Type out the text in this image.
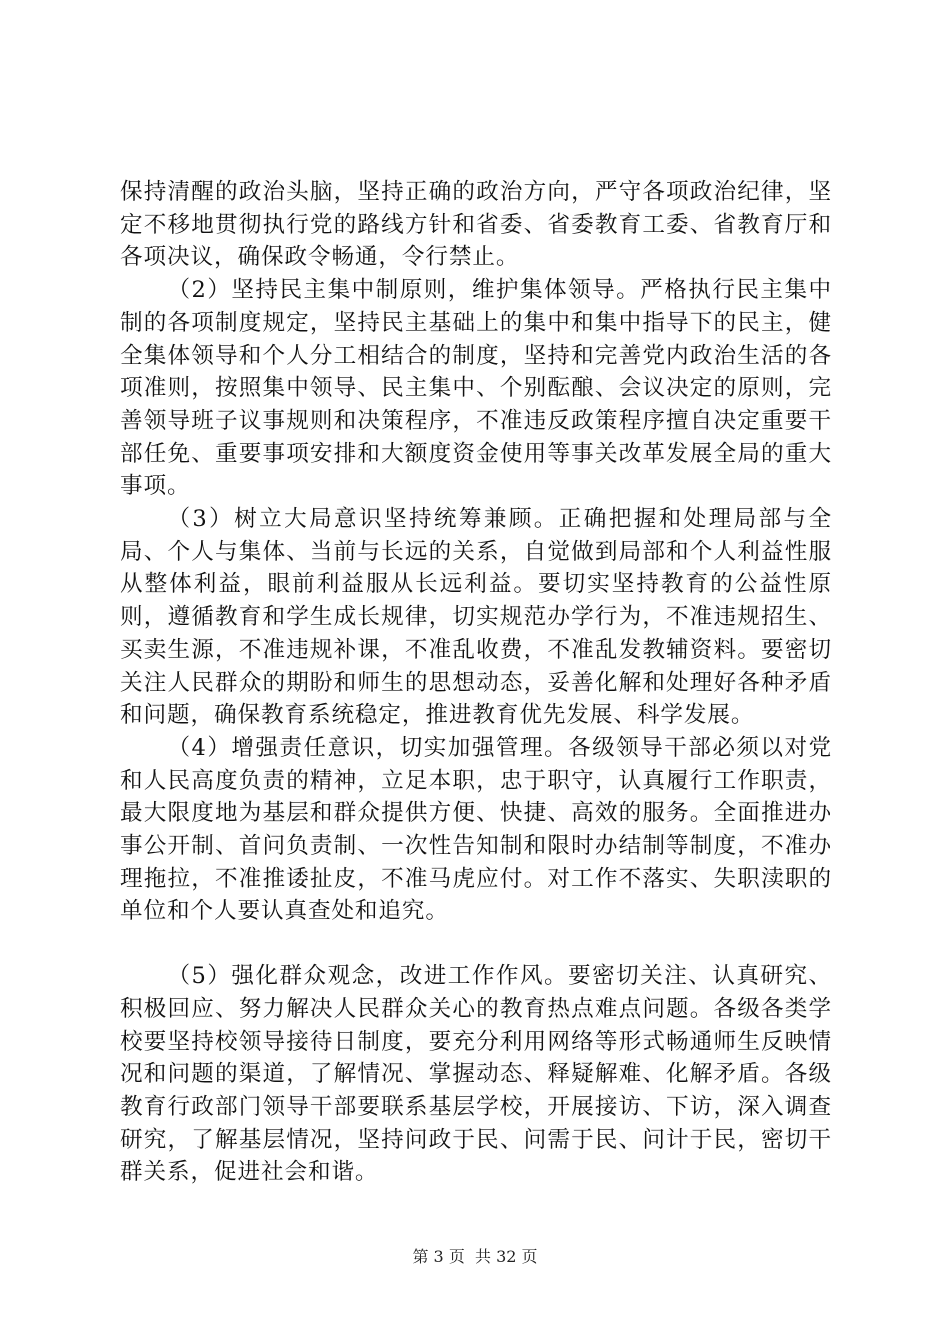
保持清醒的政治头脑，坚持正确的政治方向，严守各项政治纪律，坚定不移地贯彻执行党的路线方针和省委、省委教育工委、省教育厅和各项决议，确保政令畅通，令行禁止。

（2）坚持民主集中制原则，维护集体领导。严格执行民主集中制的各项制度规定，坚持民主基础上的集中和集中指导下的民主，健全集体领导和个人分工相结合的制度，坚持和完善党内政治生活的各项准则，按照集中领导、民主集中、个别酝酿、会议决定的原则，完善领导班子议事规则和决策程序，不准违反政策程序擅自决定重要干部任免、重要事项安排和大额度资金使用等事关改革发展全局的重大事项。

（3）树立大局意识坚持统筹兼顾。正确把握和处理局部与全局、个人与集体、当前与长远的关系，自觉做到局部和个人利益性服从整体利益，眼前利益服从长远利益。要切实坚持教育的公益性原则，遵循教育和学生成长规律，切实规范办学行为，不准违规招生、买卖生源，不准违规补课，不准乱收费，不准乱发教辅资料。要密切关注人民群众的期盼和师生的思想动态，妥善化解和处理好各种矛盾和问题，确保教育系统稳定，推进教育优先发展、科学发展。

（4）增强责任意识，切实加强管理。各级领导干部必须以对党和人民高度负责的精神，立足本职，忠于职守，认真履行工作职责，最大限度地为基层和群众提供方便、快捷、高效的服务。全面推进办事公开制、首问负责制、一次性告知制和限时办结制等制度，不准办理拖拉，不准推诿扯皮，不准马虎应付。对工作不落实、失职渎职的单位和个人要认真查处和追究。

（5）强化群众观念，改进工作作风。要密切关注、认真研究、积极回应、努力解决人民群众关心的教育热点难点问题。各级各类学校要坚持校领导接待日制度，要充分利用网络等形式畅通师生反映情况和问题的渠道，了解情况、掌握动态、释疑解难、化解矛盾。各级教育行政部门领导干部要联系基层学校，开展接访、下访，深入调查研究，了解基层情况，坚持问政于民、问需于民、问计于民，密切干群关系，促进社会和谐。

第 3 页  共 32 页
